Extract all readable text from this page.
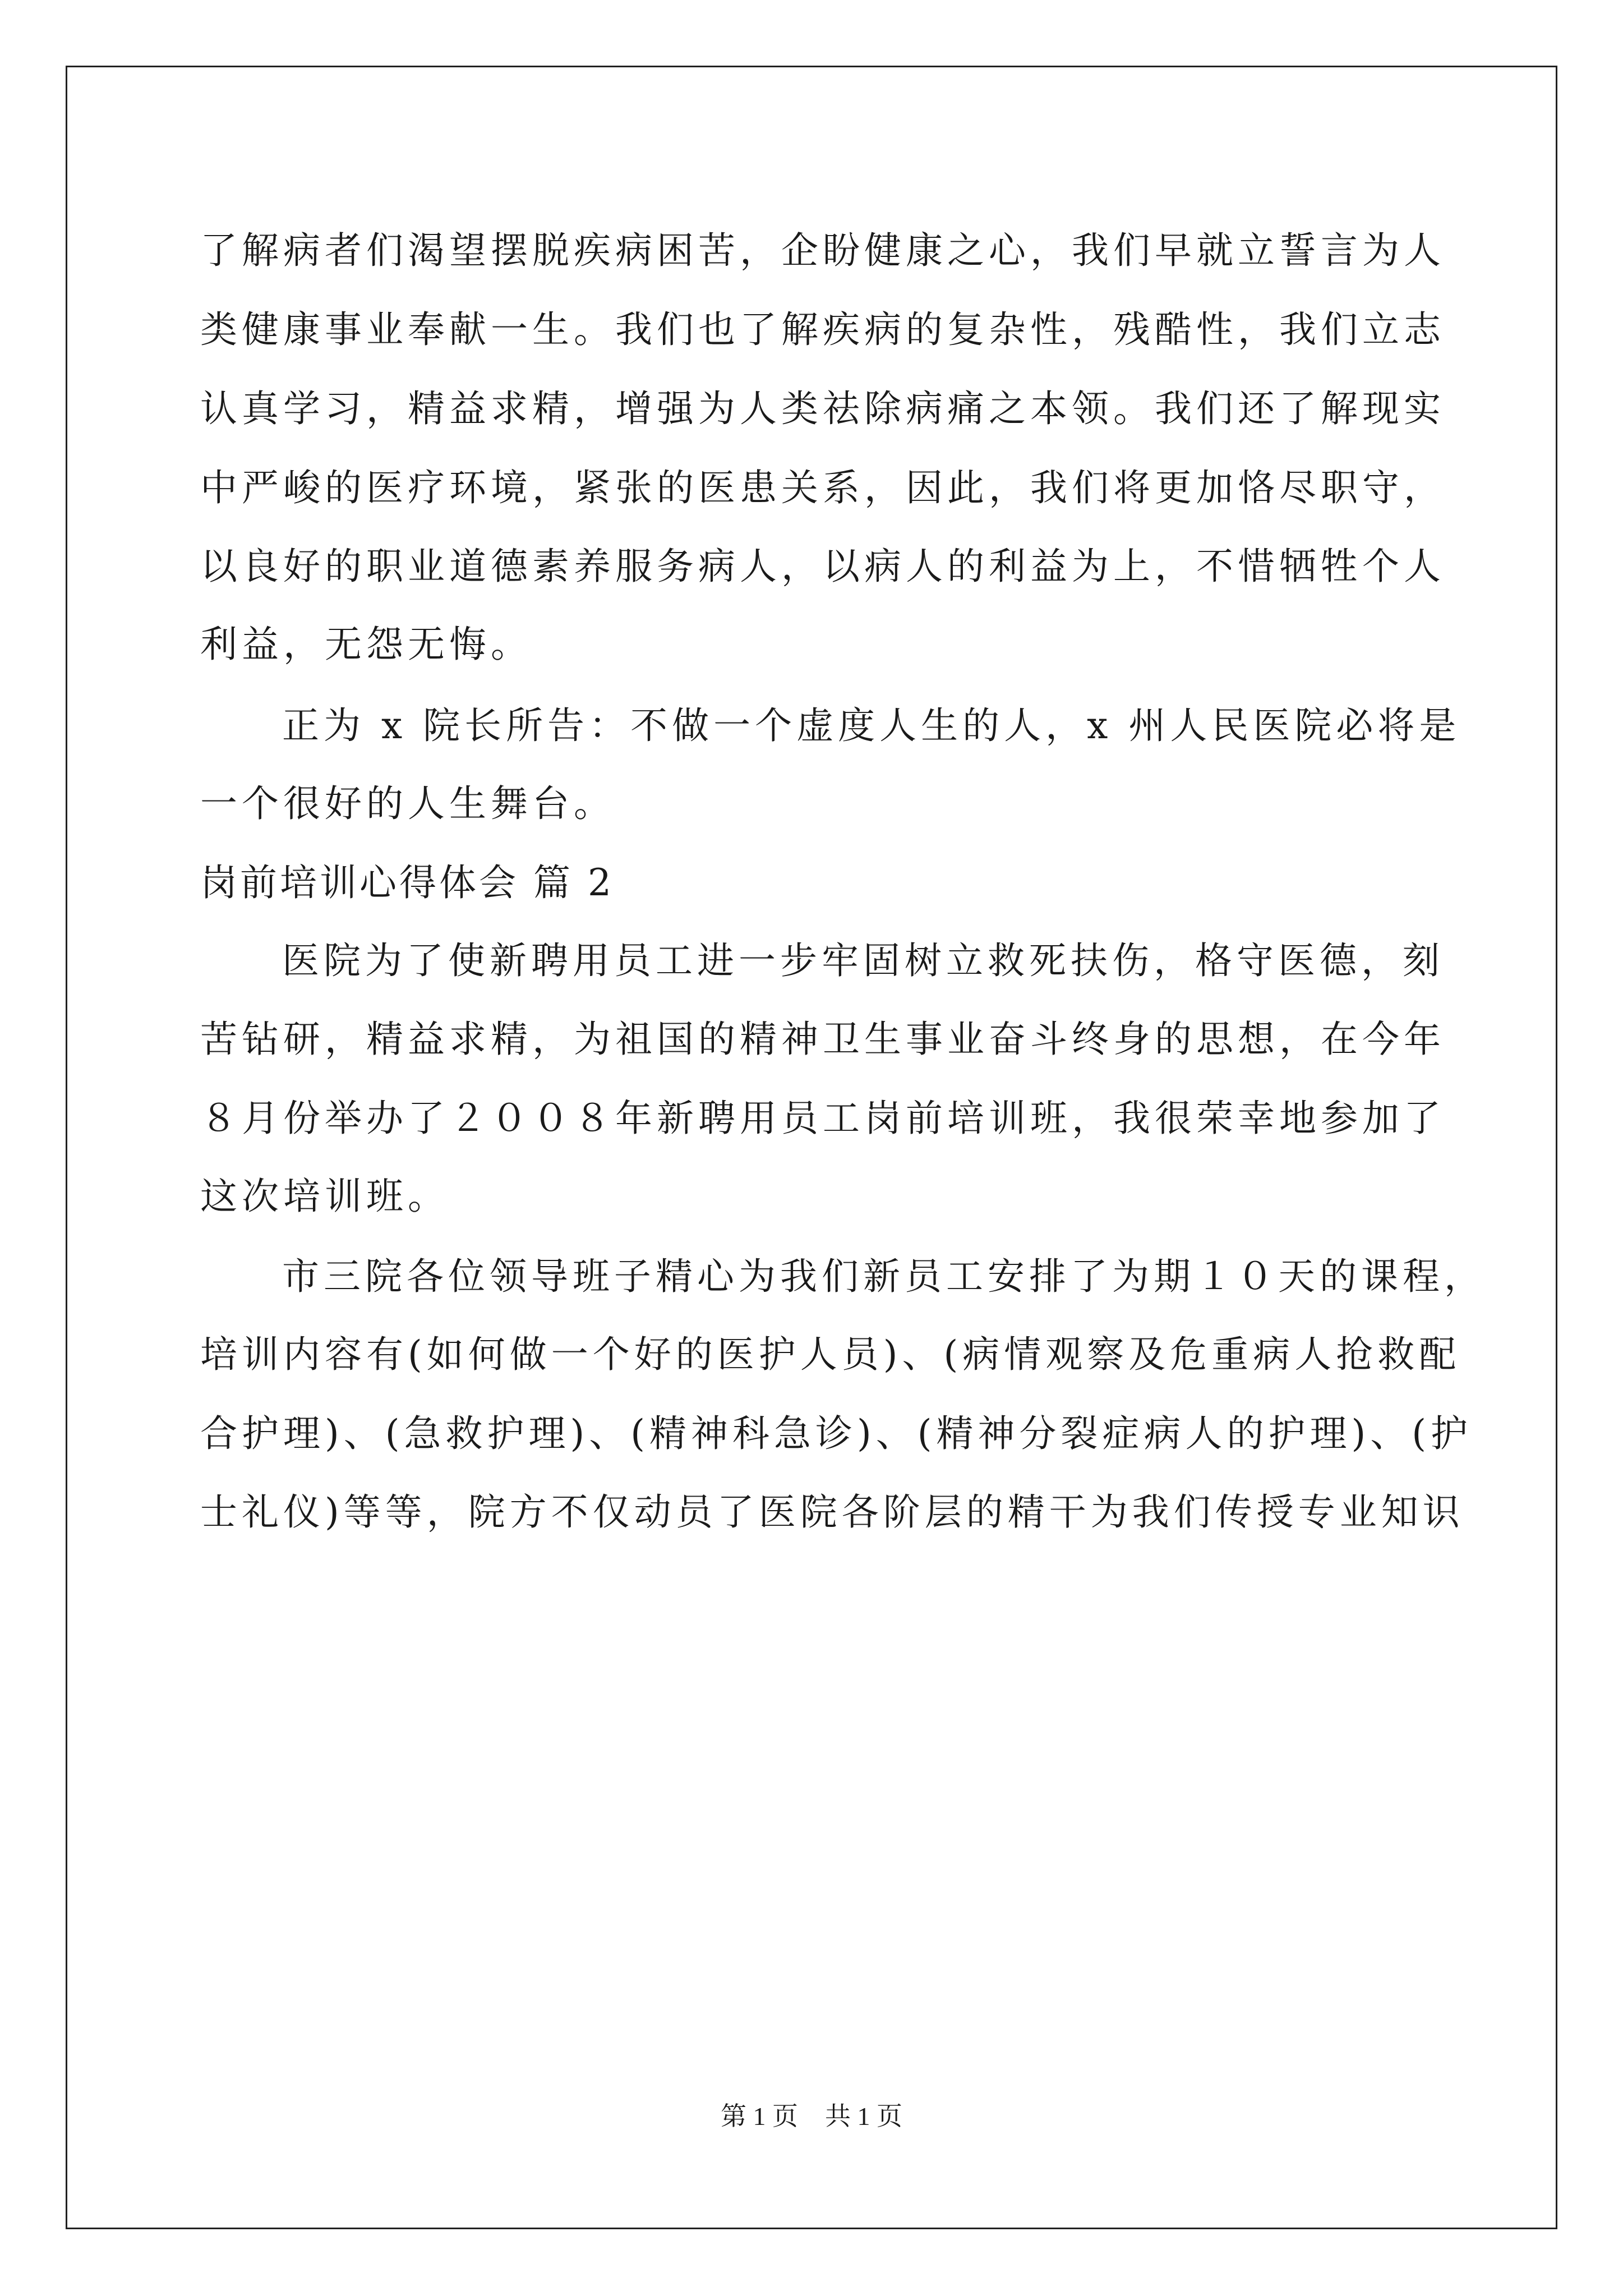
了解病者们渴望摆脱疾病困苦，企盼健康之心，我们早就立誓言为人
类健康事业奉献一生。我们也了解疾病的复杂性，残酷性，我们立志
认真学习，精益求精，增强为人类祛除病痛之本领。我们还了解现实
中严峻的医疗环境，紧张的医患关系，因此，我们将更加恪尽职守，
以良好的职业道德素养服务病人，以病人的利益为上，不惜牺牲个人
利益，无怨无悔。
正为 x 院长所告：不做一个虚度人生的人，x 州人民医院必将是
一个很好的人生舞台。
岗前培训心得体会 篇 2
医院为了使新聘用员工进一步牢固树立救死扶伤，格守医德，刻
苦钻研，精益求精，为祖国的精神卫生事业奋斗终身的思想，在今年
８月份举办了２００８年新聘用员工岗前培训班，我很荣幸地参加了
这次培训班。
市三院各位领导班子精心为我们新员工安排了为期１０天的课程，
培训内容有(如何做一个好的医护人员)、(病情观察及危重病人抢救配
合护理)、(急救护理)、(精神科急诊)、(精神分裂症病人的护理)、(护
士礼仪)等等，院方不仅动员了医院各阶层的精干为我们传授专业知识
第 1 页 共 1 页
